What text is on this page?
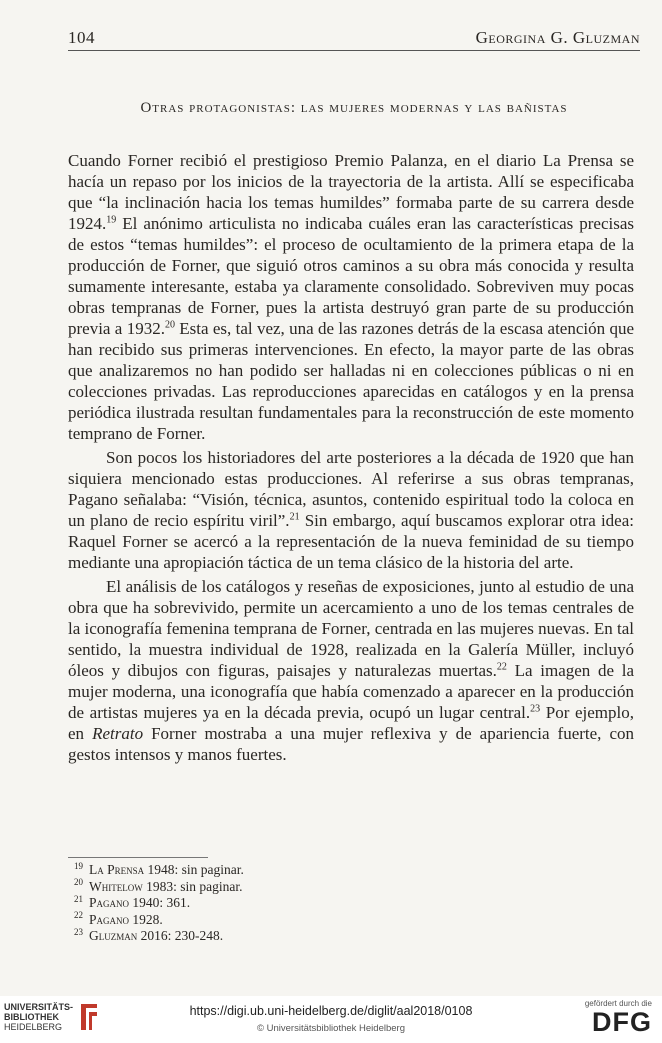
104	Georgina G. Gluzman
Otras protagonistas: las mujeres modernas y las bañistas

Cuando Forner recibió el prestigioso Premio Palanza, en el diario La Prensa se hacía un repaso por los inicios de la trayectoria de la artista. Allí se especificaba que “la inclinación hacia los temas humildes” formaba parte de su carrera desde 1924.19 El anónimo articulista no indicaba cuáles eran las características precisas de estos “temas humildes”: el proceso de ocultamiento de la primera etapa de la producción de Forner, que siguió otros caminos a su obra más conocida y resulta sumamente interesante, estaba ya claramente consolidado. Sobreviven muy pocas obras tempranas de Forner, pues la artista destruyó gran parte de su producción previa a 1932.20 Esta es, tal vez, una de las razones detrás de la escasa atención que han recibido sus primeras intervenciones. En efecto, la mayor parte de las obras que analizaremos no han podido ser halladas ni en colecciones públicas o ni en colecciones privadas. Las reproducciones aparecidas en catálogos y en la prensa periódica ilustrada resultan fundamentales para la reconstrucción de este momento temprano de Forner.

Son pocos los historiadores del arte posteriores a la década de 1920 que han siquiera mencionado estas producciones. Al referirse a sus obras tempranas, Pagano señalaba: “Visión, técnica, asuntos, contenido espiritual todo la coloca en un plano de recio espíritu viril”.$^{21}$ Sin embargo, aquí buscamos explorar otra idea: Raquel Forner se acercó a la representación de la nueva feminidad de su tiempo mediante una apropiación táctica de un tema clásico de la historia del arte.

El análisis de los catálogos y reseñas de exposiciones, junto al estudio de una obra que ha sobrevivido, permite un acercamiento a uno de los temas centrales de la iconografía femenina temprana de Forner, centrada en las mujeres nuevas. En tal sentido, la muestra individual de 1928, realizada en la Galería Müller, incluyó óleos y dibujos con figuras, paisajes y naturalezas muertas.$^{22}$ La imagen de la mujer moderna, una iconografía que había comenzado a aparecer en la producción de artistas mujeres ya en la década previa, ocupó un lugar central.$^{23}$ Por ejemplo, en Retrato Forner mostraba a una mujer reflexiva y de apariencia fuerte, con gestos intensos y manos fuertes.

$^{19}$ La Prensa 1948: sin paginar.

$^{20}$ Whitelow 1983: sin paginar.

$^{21}$ Pagano 1940: 361.

$^{22}$ Pagano 1928.

$^{23}$ Gluzman 2016: 230-248.

UNIVERSITÄTS-
BIBLIOTHEK
HEIDELBERG
https://digi.ub.uni-heidelberg.de/diglit/aal2018/0108
© Universitätsbibliothek Heidelberg
gefördert durch die
DFG
